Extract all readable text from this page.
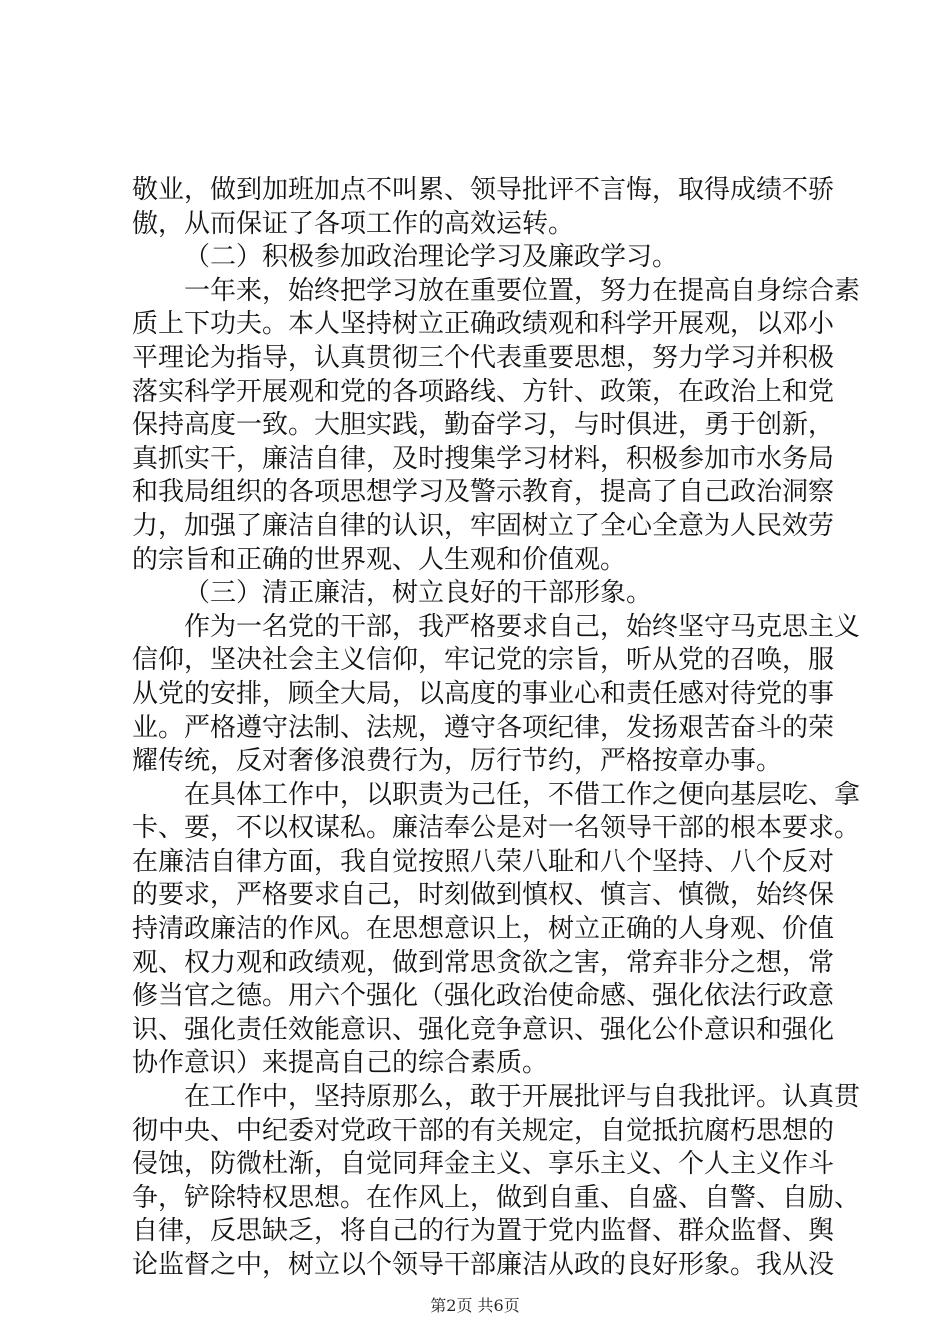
敬业，做到加班加点不叫累、领导批评不言悔，取得成绩不骄
傲，从而保证了各项工作的高效运转。
（二）积极参加政治理论学习及廉政学习。
一年来，始终把学习放在重要位置，努力在提高自身综合素
质上下功夫。本人坚持树立正确政绩观和科学开展观，以邓小
平理论为指导，认真贯彻三个代表重要思想，努力学习并积极
落实科学开展观和党的各项路线、方针、政策，在政治上和党
保持高度一致。大胆实践，勤奋学习，与时俱进，勇于创新，
真抓实干，廉洁自律，及时搜集学习材料，积极参加市水务局
和我局组织的各项思想学习及警示教育，提高了自己政治洞察
力，加强了廉洁自律的认识，牢固树立了全心全意为人民效劳
的宗旨和正确的世界观、人生观和价值观。
（三）清正廉洁，树立良好的干部形象。
作为一名党的干部，我严格要求自己，始终坚守马克思主义
信仰，坚决社会主义信仰，牢记党的宗旨，听从党的召唤，服
从党的安排，顾全大局，以高度的事业心和责任感对待党的事
业。严格遵守法制、法规，遵守各项纪律，发扬艰苦奋斗的荣
耀传统，反对奢侈浪费行为，厉行节约，严格按章办事。
在具体工作中，以职责为己任，不借工作之便向基层吃、拿
卡、要，不以权谋私。廉洁奉公是对一名领导干部的根本要求。
在廉洁自律方面，我自觉按照八荣八耻和八个坚持、八个反对
的要求，严格要求自己，时刻做到慎权、慎言、慎微，始终保
持清政廉洁的作风。在思想意识上，树立正确的人身观、价值
观、权力观和政绩观，做到常思贪欲之害，常弃非分之想，常
修当官之德。用六个强化（强化政治使命感、强化依法行政意
识、强化责任效能意识、强化竞争意识、强化公仆意识和强化
协作意识）来提高自己的综合素质。
在工作中，坚持原那么，敢于开展批评与自我批评。认真贯
彻中央、中纪委对党政干部的有关规定，自觉抵抗腐朽思想的
侵蚀，防微杜渐，自觉同拜金主义、享乐主义、个人主义作斗
争，铲除特权思想。在作风上，做到自重、自盛、自警、自励、
自律，反思缺乏，将自己的行为置于党内监督、群众监督、舆
论监督之中，树立以个领导干部廉洁从政的良好形象。我从没
第2页 共6页
